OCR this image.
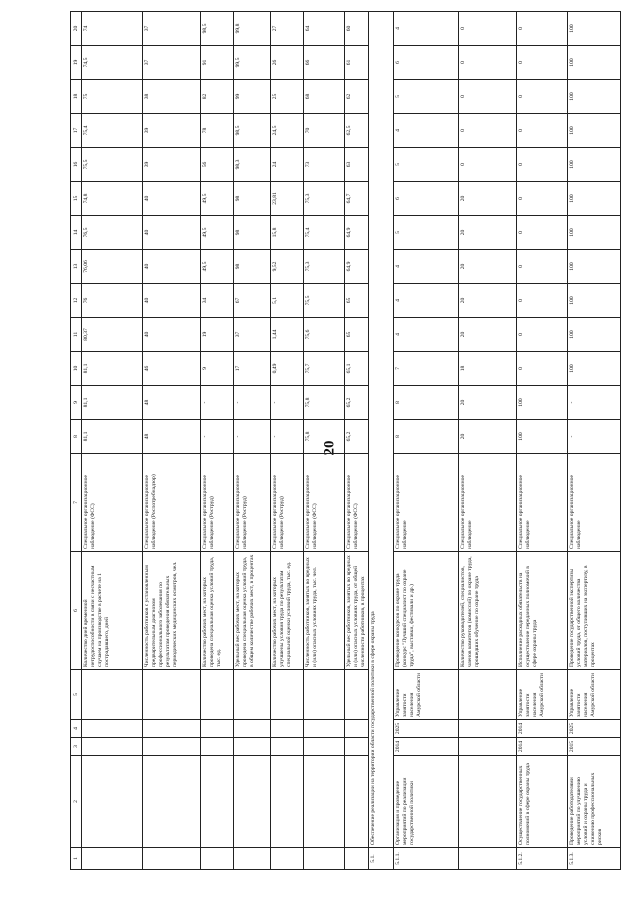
20
1	2	3	4	5	6	7	8	9	10	11	12	13	14	15	16	17	18	19	20
					Количество дней временной нетрудоспособности в связи с несчастным случаем на производстве в расчете на 1 пострадавшего, дней	Специальное организационное наблюдение (ФСС)	81,1	81,1	81,1	80,37	76	76,06	76,5	74,8	75,5	75,4	75	74,5	74
					Численность работников с установленным предварительным диагнозом профессионального заболевания по результатам проведения обязательных периодических медицинских осмотров, чел.	Специальное организационное наблюдение (Роспотребнадзор)	48	48	46	40	40	40	40	40	39	39	38	37	37
					Количество рабочих мест, на которых проведена специальная оценка условий труда, тыс. ед.	Специальное организационное наблюдение (Роструд)	-	-	9	19	34	49,5	49,5	49,5	56	78	82	91	98,5
					Удельный вес рабочих мест, на которых проведена специальная оценка условий труда, в общем количестве рабочих мест, в процентах	Специальное организационное наблюдение (Роструд)	-	-	17	37	67	98	98	98	98,3	98,5	99	99,5	99,8
					Количество рабочих мест, на которых улучшены условия труда по результатам специальной оценки условий труда, тыс. ед.	Специальное организационное наблюдение (Роструд)	-	-	0,49	1,44	5,1	9,52	15,8	23,81	24	24,5	25	26	27
					Численность работников, занятых во вредных и (или) опасных условиях труда, тыс. чел.	Специальное организационное наблюдение (ФСС)	75,8	75,8	75,7	75,6	75,5	75,3	75,4	75,3	73	70	68	66	64
					Удельный вес работников, занятых во вредных и (или) опасных условиях труда, от общей численности работников, в процентах	Специальное организационное наблюдение (ФСС)	65,2	65,2	65,1	65	65	64,9	64,9	64,7	63	62,5	62	61	60
5.1.	Обеспечение реализации на территории области государственной политики в сфере охраны труда																		
5.1.1.	Организация и проведение мероприятий по реализации государственной политики	2014	2025	Управление занятости населения Амурской области	Проведение конкурсов по охране труда (конкурс "Лучший специалист по охране труда", выставки, фестивали и др.)	Специальное организационное наблюдение	8	8	7	4	4	4	5	6	5	4	5	6	4
					Количество руководителей, специалистов, членов комитетов (комиссий) по охране труда, прошедших обучение по охране труда	Специальное организационное наблюдение	20	20	18	20	20	20	20	20	0	0	0	0	0
5.1.2.	Осуществление государственных полномочий в сфере охраны труда	2014	2014	Управление занятости населения Амурской области	Исполнение расходных обязательств на осуществление переданных полномочий в сфере охраны труда	Специальное организационное наблюдение	100	100	0	0	0	0	0	0	0	0	0	0	0
5.1.3.	Проведение работодателями мероприятий по улучшению условий и охраны труда и снижению профессиональных рисков	2015	2025	Управление занятости населения Амурской области	Проведение государственной экспертизы условий труда, от общего количества материалов, поступивших на экспертизу, в процентах	Специальное организационное наблюдение	-	-	100	100	100	100	100	100	100	100	100	100	100
